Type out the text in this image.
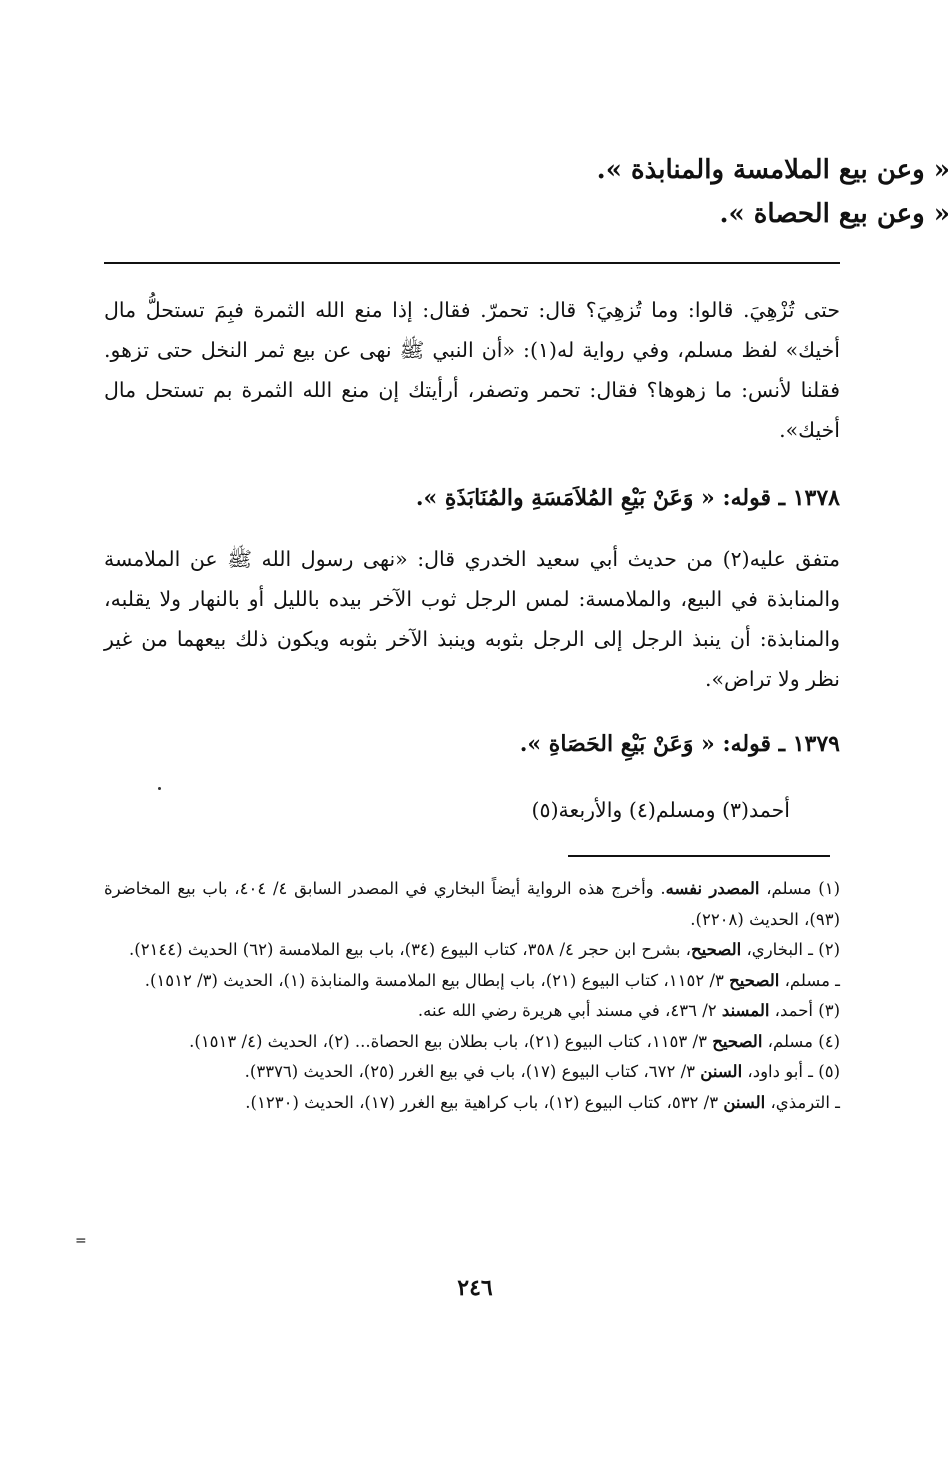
« وعن بيع الملامسة والمنابذة ».
« وعن بيع الحصاة ».

حتى تُزْهِيَ. قالوا: وما تُزهِيَ؟ قال: تحمرّ. فقال: إذا منع الله الثمرة فبِمَ تستحلُّ مال أخيك» لفظ مسلم، وفي رواية له(١): «أن النبي ﷺ نهى عن بيع ثمر النخل حتى تزهو. فقلنا لأنس: ما زهوها؟ فقال: تحمر وتصفر، أرأيتك إن منع الله الثمرة بم تستحل مال أخيك».

١٣٧٨ ـ قوله: « وَعَنْ بَيْعِ المُلاَمَسَةِ والمُنَابَذَةِ ».

متفق عليه(٢) من حديث أبي سعيد الخدري قال: «نهى رسول الله ﷺ عن الملامسة والمنابذة في البيع، والملامسة: لمس الرجل ثوب الآخر بيده بالليل أو بالنهار ولا يقلبه، والمنابذة: أن ينبذ الرجل إلى الرجل بثوبه وينبذ الآخر بثوبه ويكون ذلك بيعهما من غير نظر ولا تراض».

١٣٧٩ ـ قوله: « وَعَنْ بَيْعِ الحَصَاةِ ».
أحمد(٣) ومسلم(٤) والأربعة(٥)

(١) مسلم، المصدر نفسه. وأخرج هذه الرواية أيضاً البخاري في المصدر السابق ٤/ ٤٠٤، باب بيع المخاضرة (٩٣)، الحديث (٢٢٠٨).

(٢) ـ البخاري، الصحيح، بشرح ابن حجر ٤/ ٣٥٨، كتاب البيوع (٣٤)، باب بيع الملامسة (٦٢) الحديث (٢١٤٤).

ـ مسلم، الصحيح ٣/ ١١٥٢، كتاب البيوع (٢١)، باب إبطال بيع الملامسة والمنابذة (١)، الحديث (٣/ ١٥١٢).

(٣) أحمد، المسند ٢/ ٤٣٦، في مسند أبي هريرة رضي الله عنه.

(٤) مسلم، الصحيح ٣/ ١١٥٣، كتاب البيوع (٢١)، باب بطلان بيع الحصاة... (٢)، الحديث (٤/ ١٥١٣).

(٥) ـ أبو داود، السنن ٣/ ٦٧٢، كتاب البيوع (١٧)، باب في بيع الغرر (٢٥)، الحديث (٣٣٧٦).

ـ الترمذي، السنن ٣/ ٥٣٢، كتاب البيوع (١٢)، باب كراهية بيع الغرر (١٧)، الحديث (١٢٣٠).

=
٢٤٦
